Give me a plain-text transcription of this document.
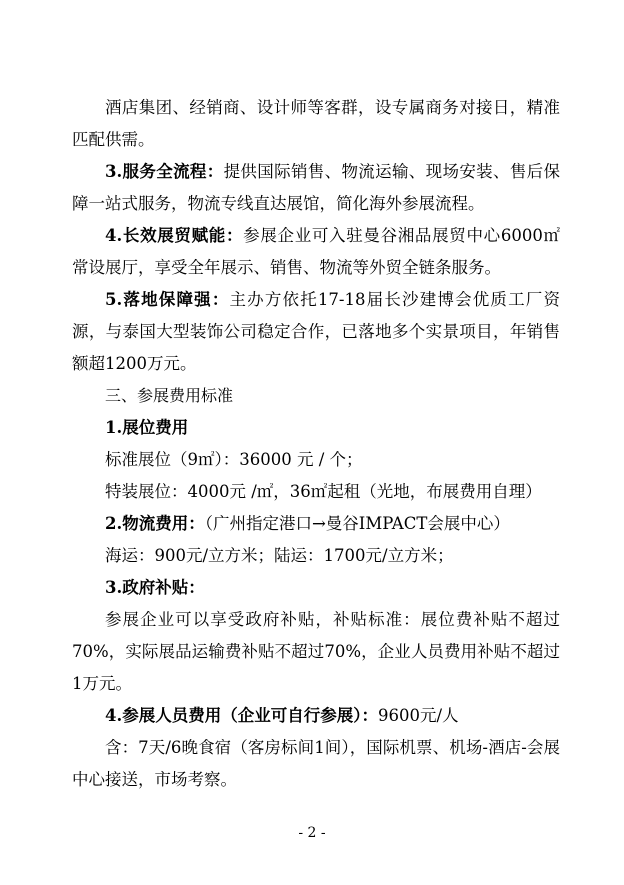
酒店集团、经销商、设计师等客群，设专属商务对接日，精准匹配供需。

3.服务全流程：提供国际销售、物流运输、现场安装、售后保障一站式服务，物流专线直达展馆，简化海外参展流程。

4.长效展贸赋能：参展企业可入驻曼谷湘品展贸中心6000㎡常设展厅，享受全年展示、销售、物流等外贸全链条服务。

5.落地保障强：主办方依托17-18届长沙建博会优质工厂资源，与泰国大型装饰公司稳定合作，已落地多个实景项目，年销售额超1200万元。

三、参展费用标准

1.展位费用

标准展位（9㎡）：36000 元 / 个；

特装展位：4000元 /㎡，36㎡起租（光地，布展费用自理）

2.物流费用：（广州指定港口→曼谷IMPACT会展中心）

海运：900元/立方米；陆运：1700元/立方米；

3.政府补贴：

参展企业可以享受政府补贴，补贴标准：展位费补贴不超过70%，实际展品运输费补贴不超过70%，企业人员费用补贴不超过1万元。

4.参展人员费用（企业可自行参展）：9600元/人

含：7天/6晚食宿（客房标间1间），国际机票、机场-酒店-会展中心接送，市场考察。

- 2 -
